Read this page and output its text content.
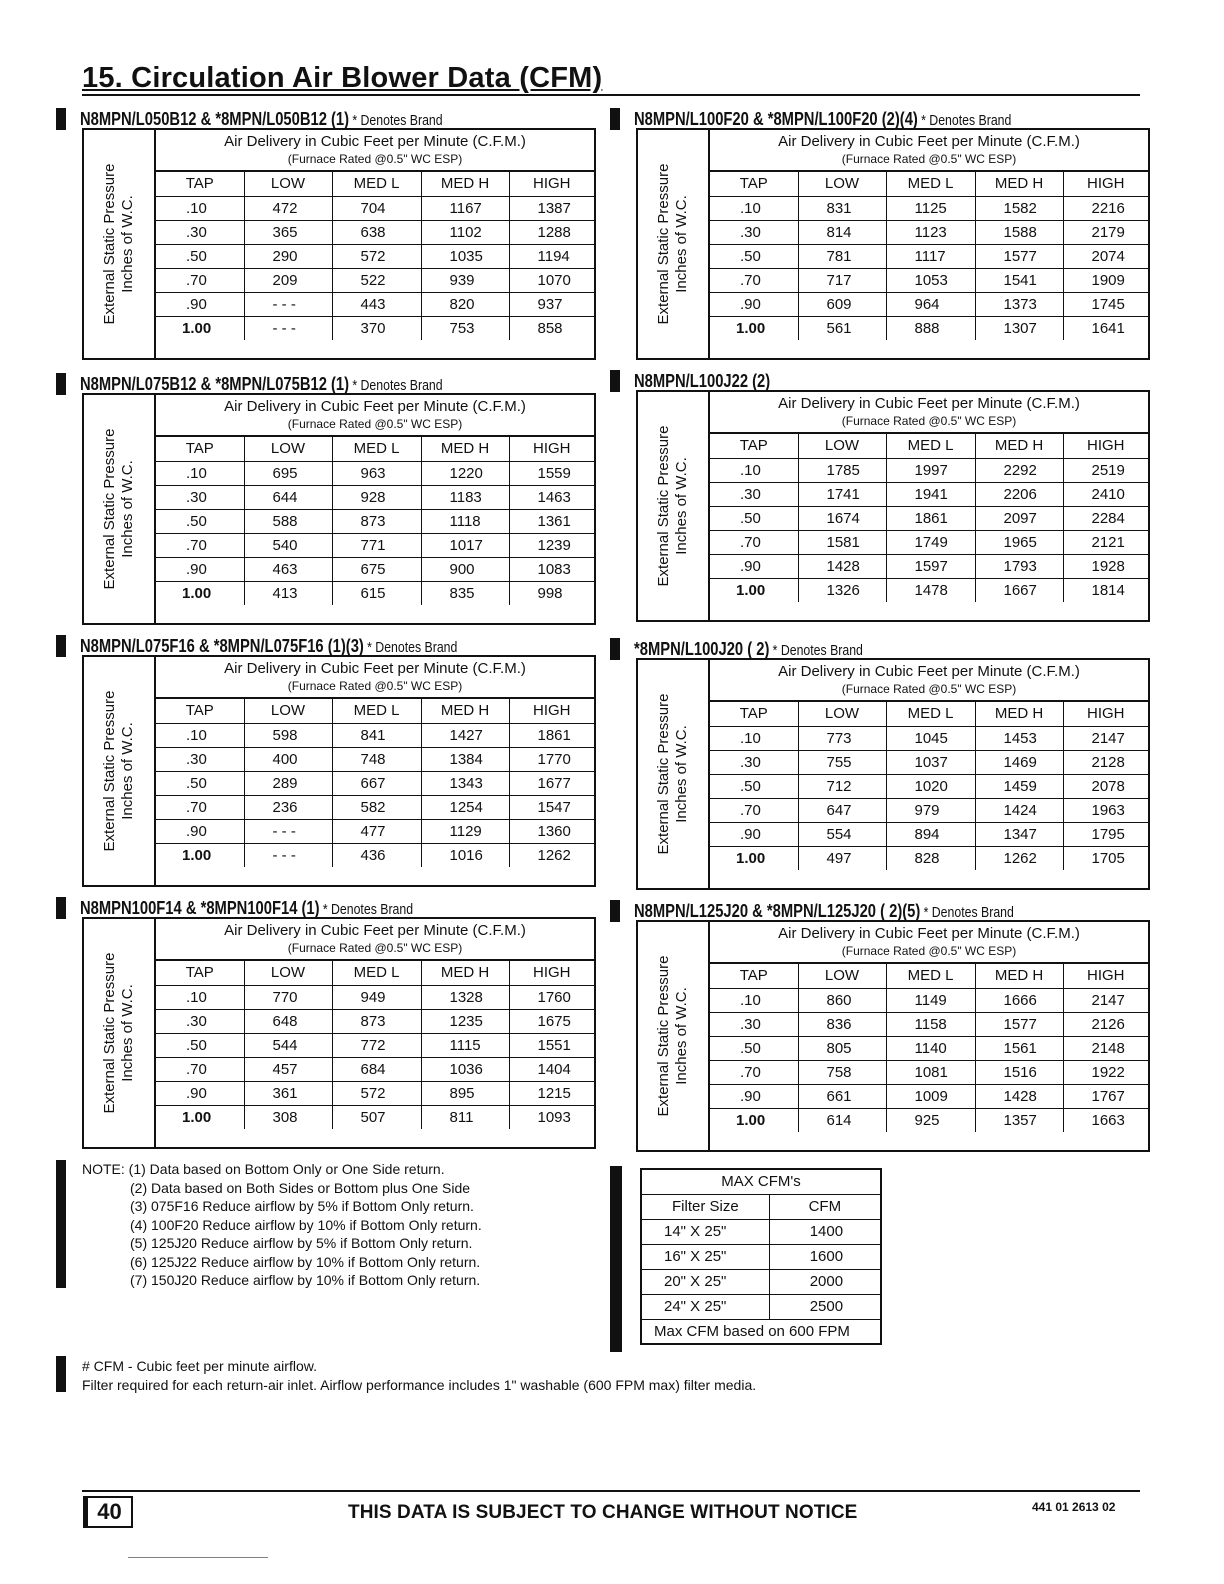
15. Circulation Air Blower Data (CFM)
N8MPN/L050B12 & *8MPN/L050B12 (1) * Denotes Brand
External Static Pressure Inches of W.C.
Air Delivery in Cubic Feet per Minute (C.F.M.)
(Furnace Rated @0.5" WC ESP)
TAP	LOW	MED L	MED H	HIGH
.10	472	704	1167	1387
.30	365	638	1102	1288
.50	290	572	1035	1194
.70	209	522	939	1070
.90	- - -	443	820	937
1.00	- - -	370	753	858
N8MPN/L100F20 & *8MPN/L100F20 (2)(4) * Denotes Brand
External Static Pressure Inches of W.C.
Air Delivery in Cubic Feet per Minute (C.F.M.)
(Furnace Rated @0.5" WC ESP)
TAP	LOW	MED L	MED H	HIGH
.10	831	1125	1582	2216
.30	814	1123	1588	2179
.50	781	1117	1577	2074
.70	717	1053	1541	1909
.90	609	964	1373	1745
1.00	561	888	1307	1641
N8MPN/L075B12 & *8MPN/L075B12 (1) * Denotes Brand
External Static Pressure Inches of W.C.
Air Delivery in Cubic Feet per Minute (C.F.M.)
(Furnace Rated @0.5" WC ESP)
TAP	LOW	MED L	MED H	HIGH
.10	695	963	1220	1559
.30	644	928	1183	1463
.50	588	873	1118	1361
.70	540	771	1017	1239
.90	463	675	900	1083
1.00	413	615	835	998
N8MPN/L100J22 (2)
External Static Pressure Inches of W.C.
Air Delivery in Cubic Feet per Minute (C.F.M.)
(Furnace Rated @0.5" WC ESP)
TAP	LOW	MED L	MED H	HIGH
.10	1785	1997	2292	2519
.30	1741	1941	2206	2410
.50	1674	1861	2097	2284
.70	1581	1749	1965	2121
.90	1428	1597	1793	1928
1.00	1326	1478	1667	1814
N8MPN/L075F16 & *8MPN/L075F16 (1)(3) * Denotes Brand
External Static Pressure Inches of W.C.
Air Delivery in Cubic Feet per Minute (C.F.M.)
(Furnace Rated @0.5" WC ESP)
TAP	LOW	MED L	MED H	HIGH
.10	598	841	1427	1861
.30	400	748	1384	1770
.50	289	667	1343	1677
.70	236	582	1254	1547
.90	- - -	477	1129	1360
1.00	- - -	436	1016	1262
*8MPN/L100J20 ( 2) * Denotes Brand
External Static Pressure Inches of W.C.
Air Delivery in Cubic Feet per Minute (C.F.M.)
(Furnace Rated @0.5" WC ESP)
TAP	LOW	MED L	MED H	HIGH
.10	773	1045	1453	2147
.30	755	1037	1469	2128
.50	712	1020	1459	2078
.70	647	979	1424	1963
.90	554	894	1347	1795
1.00	497	828	1262	1705
N8MPN100F14 & *8MPN100F14 (1) * Denotes Brand
External Static Pressure Inches of W.C.
Air Delivery in Cubic Feet per Minute (C.F.M.)
(Furnace Rated @0.5" WC ESP)
TAP	LOW	MED L	MED H	HIGH
.10	770	949	1328	1760
.30	648	873	1235	1675
.50	544	772	1115	1551
.70	457	684	1036	1404
.90	361	572	895	1215
1.00	308	507	811	1093
N8MPN/L125J20 & *8MPN/L125J20 ( 2)(5) * Denotes Brand
External Static Pressure Inches of W.C.
Air Delivery in Cubic Feet per Minute (C.F.M.)
(Furnace Rated @0.5" WC ESP)
TAP	LOW	MED L	MED H	HIGH
.10	860	1149	1666	2147
.30	836	1158	1577	2126
.50	805	1140	1561	2148
.70	758	1081	1516	1922
.90	661	1009	1428	1767
1.00	614	925	1357	1663
NOTE: (1) Data based on Bottom Only or One Side return.
(2) Data based on Both Sides or Bottom plus One Side
(3) 075F16 Reduce airflow by 5% if Bottom Only return.
(4) 100F20 Reduce airflow by 10% if Bottom Only return.
(5) 125J20 Reduce airflow by 5% if Bottom Only return.
(6) 125J22 Reduce airflow by 10% if Bottom Only return.
(7) 150J20 Reduce airflow by 10% if Bottom Only return.
MAX CFM's	
Filter Size	CFM
14" X 25"	1400
16" X 25"	1600
20" X 25"	2000
24" X 25"	2500
Max CFM based on 600 FPM	
# CFM - Cubic feet per minute airflow.
Filter required for each return-air inlet. Airflow performance includes 1" washable (600 FPM max) filter media.
40	THIS DATA IS SUBJECT TO CHANGE WITHOUT NOTICE	441 01 2613 02
